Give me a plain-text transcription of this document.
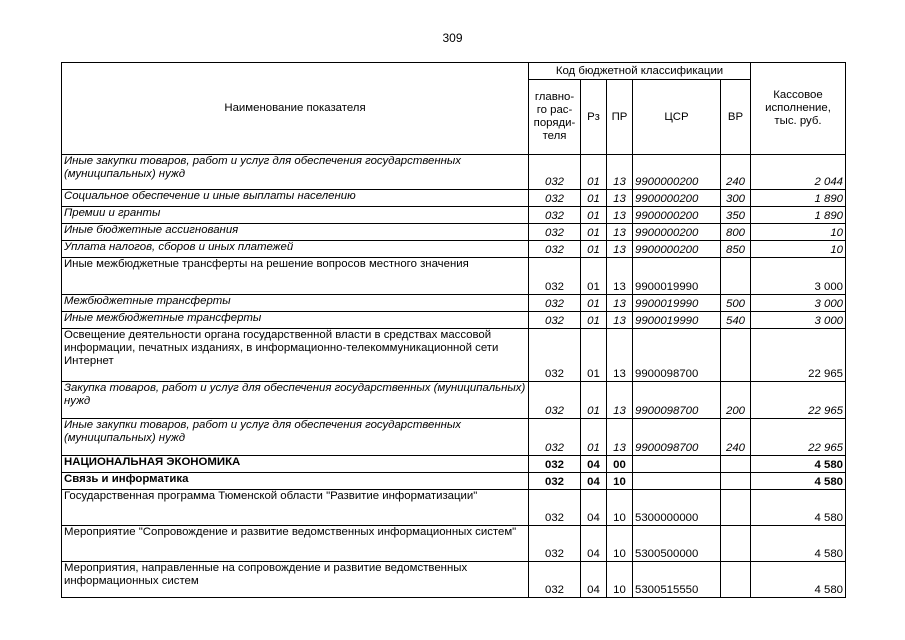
309
Наименование показателя	Код бюджетной классификации					Кассовое исполнение, тыс. руб.
	главно-го рас-поряди-теля	Рз	ПР	ЦСР	ВР	
Иные закупки товаров, работ и услуг для обеспечения государственных (муниципальных) нужд	032	01	13	9900000200	240	2 044
Социальное обеспечение и иные выплаты населению	032	01	13	9900000200	300	1 890
Премии и гранты	032	01	13	9900000200	350	1 890
Иные бюджетные ассигнования	032	01	13	9900000200	800	10
Уплата налогов, сборов и иных платежей	032	01	13	9900000200	850	10
Иные межбюджетные трансферты на решение вопросов местного значения	032	01	13	9900019990		3 000
Межбюджетные трансферты	032	01	13	9900019990	500	3 000
Иные межбюджетные трансферты	032	01	13	9900019990	540	3 000
Освещение деятельности органа государственной власти в средствах массовой информации, печатных изданиях, в информационно-телекоммуникационной сети Интернет	032	01	13	9900098700		22 965
Закупка товаров, работ и услуг для обеспечения государственных (муниципальных) нужд	032	01	13	9900098700	200	22 965
Иные закупки товаров, работ и услуг для обеспечения государственных (муниципальных) нужд	032	01	13	9900098700	240	22 965
НАЦИОНАЛЬНАЯ ЭКОНОМИКА	032	04	00			4 580
Связь и информатика	032	04	10			4 580
Государственная программа Тюменской области "Развитие информатизации"	032	04	10	5300000000		4 580
Мероприятие "Сопровождение и развитие ведомственных информационных систем"	032	04	10	5300500000		4 580
Мероприятия, направленные на сопровождение и развитие ведомственных информационных систем	032	04	10	5300515550		4 580
